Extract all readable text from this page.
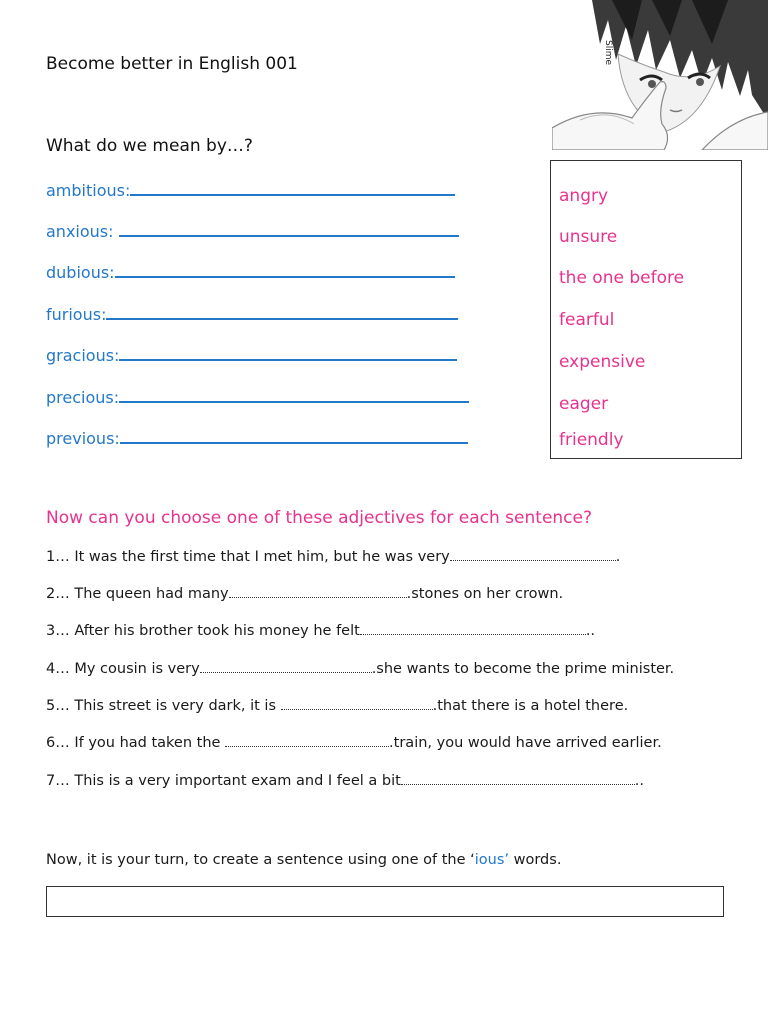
Become better in English 001
What do we mean by…?
Slime
ambitious:
anxious:
dubious:
furious:
gracious:
precious:
previous:
angry
unsure
the one before
fearful
expensive
eager
friendly
Now can you choose one of these adjectives for each sentence?
1… It was the first time that I met him, but he was very	.
2… The queen had many	.stones on her crown.
3… After his brother took his money he felt	..
4… My cousin is very	.she wants to become the prime minister.
5… This street is very dark, it is	.that there is a hotel there.
6… If you had taken the	.train, you would have arrived earlier.
7… This is a very important exam and I feel a bit	..
Now, it is your turn, to create a sentence using one of the ‘ious’ words.
